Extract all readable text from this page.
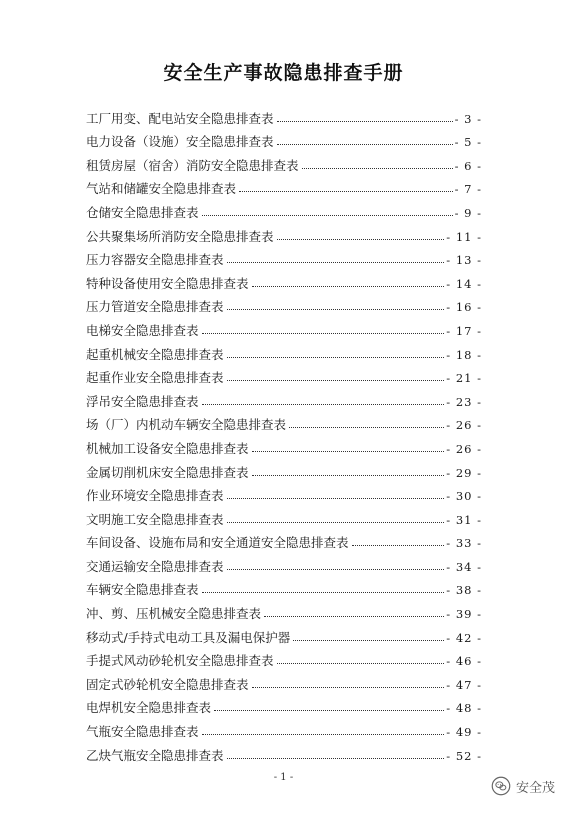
安全生产事故隐患排查手册
工厂用变、配电站安全隐患排查表	- 3 -
电力设备（设施）安全隐患排查表	- 5 -
租赁房屋（宿舍）消防安全隐患排查表	- 6 -
气站和储罐安全隐患排查表	- 7 -
仓储安全隐患排查表	- 9 -
公共聚集场所消防安全隐患排查表	- 11 -
压力容器安全隐患排查表	- 13 -
特种设备使用安全隐患排查表	- 14 -
压力管道安全隐患排查表	- 16 -
电梯安全隐患排查表	- 17 -
起重机械安全隐患排查表	- 18 -
起重作业安全隐患排查表	- 21 -
浮吊安全隐患排查表	- 23 -
场（厂）内机动车辆安全隐患排查表	- 26 -
机械加工设备安全隐患排查表	- 26 -
金属切削机床安全隐患排查表	- 29 -
作业环境安全隐患排查表	- 30 -
文明施工安全隐患排查表	- 31 -
车间设备、设施布局和安全通道安全隐患排查表	- 33 -
交通运输安全隐患排查表	- 34 -
车辆安全隐患排查表	- 38 -
冲、剪、压机械安全隐患排查表	- 39 -
移动式/手持式电动工具及漏电保护器	- 42 -
手提式风动砂轮机安全隐患排查表	- 46 -
固定式砂轮机安全隐患排查表	- 47 -
电焊机安全隐患排查表	- 48 -
气瓶安全隐患排查表	- 49 -
乙炔气瓶安全隐患排查表	- 52 -
- 1 -
安全茂
